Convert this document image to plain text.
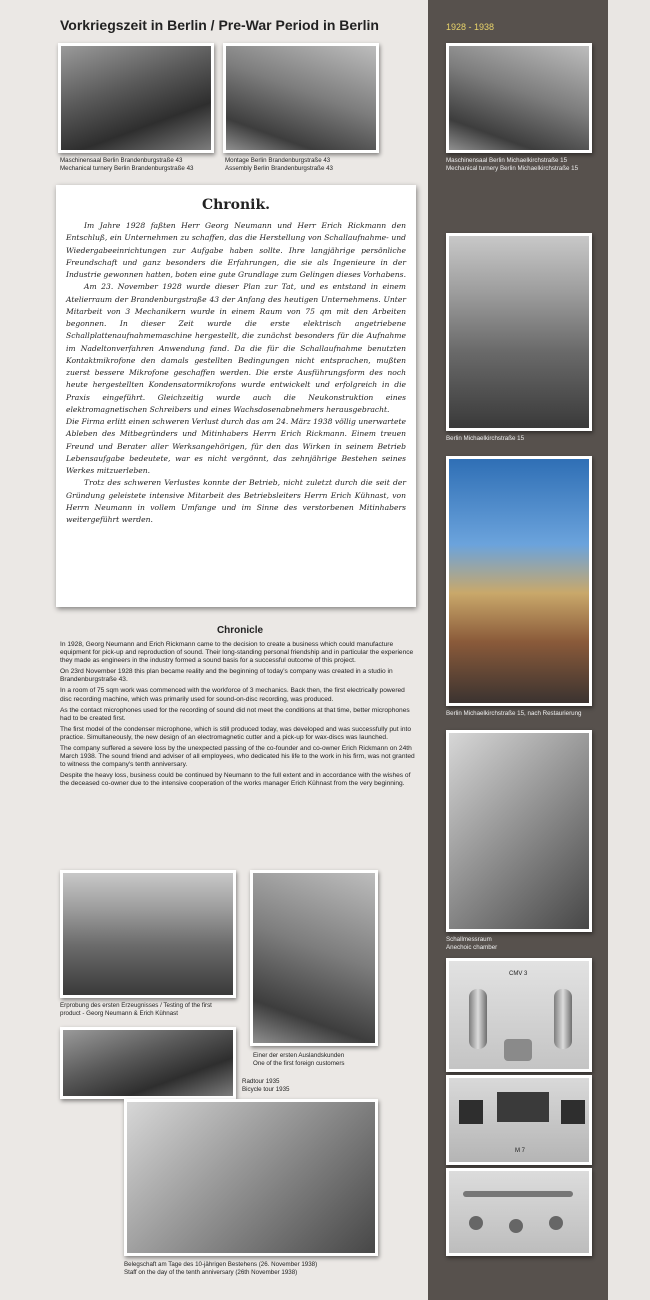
Vorkriegszeit in Berlin / Pre-War Period in Berlin	1928 - 1938
Maschinensaal Berlin Brandenburgstraße 43
Mechanical turnery Berlin Brandenburgstraße 43
Montage Berlin Brandenburgstraße 43
Assembly Berlin Brandenburgstraße 43
Chronik.

Im Jahre 1928 faßten Herr Georg Neumann und Herr Erich Rickmann den Entschluß, ein Unternehmen zu schaffen, das die Herstellung von Schallaufnahme- und Wiedergabeeinrichtungen zur Aufgabe haben sollte. Ihre langjährige persönliche Freundschaft und ganz besonders die Erfahrungen, die sie als Ingenieure in der Industrie gewonnen hatten, boten eine gute Grundlage zum Gelingen dieses Vorhabens.

Am 23. November 1928 wurde dieser Plan zur Tat, und es entstand in einem Atelierraum der Brandenburgstraße 43 der Anfang des heutigen Unternehmens. Unter Mitarbeit von 3 Mechanikern wurde in einem Raum von 75 qm mit den Arbeiten begonnen. In dieser Zeit wurde die erste elektrisch angetriebene Schallplattenaufnahmemaschine hergestellt, die zunächst besonders für die Aufnahme im Nadeltonverfahren Anwendung fand. Da die für die Schallaufnahme benutzten Kontaktmikrofone den damals gestellten Bedingungen nicht entsprachen, mußten zuerst bessere Mikrofone geschaffen werden. Die erste Ausführungsform des noch heute hergestellten Kondensatormikrofons wurde entwickelt und erfolgreich in die Praxis eingeführt. Gleichzeitig wurde auch die Neukonstruktion eines elektromagnetischen Schreibers und eines Wachsdosenabnehmers herausgebracht.

Die Firma erlitt einen schweren Verlust durch das am 24. März 1938 völlig unerwartete Ableben des Mitbegründers und Mitinhabers Herrn Erich Rickmann. Einem treuen Freund und Berater aller Werksangehörigen, für den das Wirken in seinem Betrieb Lebensaufgabe bedeutete, war es nicht vergönnt, das zehnjährige Bestehen seines Werkes mitzuerleben.

Trotz des schweren Verlustes konnte der Betrieb, nicht zuletzt durch die seit der Gründung geleistete intensive Mitarbeit des Betriebsleiters Herrn Erich Kühnast, von Herrn Neumann in vollem Umfange und im Sinne des verstorbenen Mitinhabers weitergeführt werden.

Chronicle

In 1928, Georg Neumann and Erich Rickmann came to the decision to create a business which could manufacture equipment for pick-up and reproduction of sound. Their long-standing personal friendship and in particular the experience they made as engineers in the industry formed a sound basis for a successful outcome of this project.

On 23rd November 1928 this plan became reality and the beginning of today's company was created in a studio in Brandenburgstraße 43.

In a room of 75 sqm work was commenced with the workforce of 3 mechanics. Back then, the first electrically powered disc recording machine, which was primarily used for sound-on-disc recording, was produced.

As the contact microphones used for the recording of sound did not meet the conditions at that time, better microphones had to be created first.

The first model of the condenser microphone, which is still produced today, was developed and was successfully put into practice. Simultaneously, the new design of an electromagnetic cutter and a pick-up for wax-discs was launched.

The company suffered a severe loss by the unexpected passing of the co-founder and co-owner Erich Rickmann on 24th March 1938. The sound friend and adviser of all employees, who dedicated his life to the work in his firm, was not granted to witness the company's tenth anniversary.

Despite the heavy loss, business could be continued by Neumann to the full extent and in accordance with the wishes of the deceased co-owner due to the intensive cooperation of the works manager Erich Kühnast from the very beginning.

Erprobung des ersten Erzeugnisses / Testing of the first
product - Georg Neumann & Erich Kühnast
Einer der ersten Auslandskunden
One of the first foreign customers
Radtour 1935
Bicycle tour 1935
Belegschaft am Tage des 10-jährigen Bestehens (26. November 1938)
Staff on the day of the tenth anniversary (26th November 1938)
Maschinensaal Berlin Michaelkirchstraße 15
Mechanical turnery Berlin Michaelkirchstraße 15
Berlin Michaelkirchstraße 15
Berlin Michaelkirchstraße 15, nach Restaurierung
Schallmessraum
Anechoic chamber
CMV 3
M 7
